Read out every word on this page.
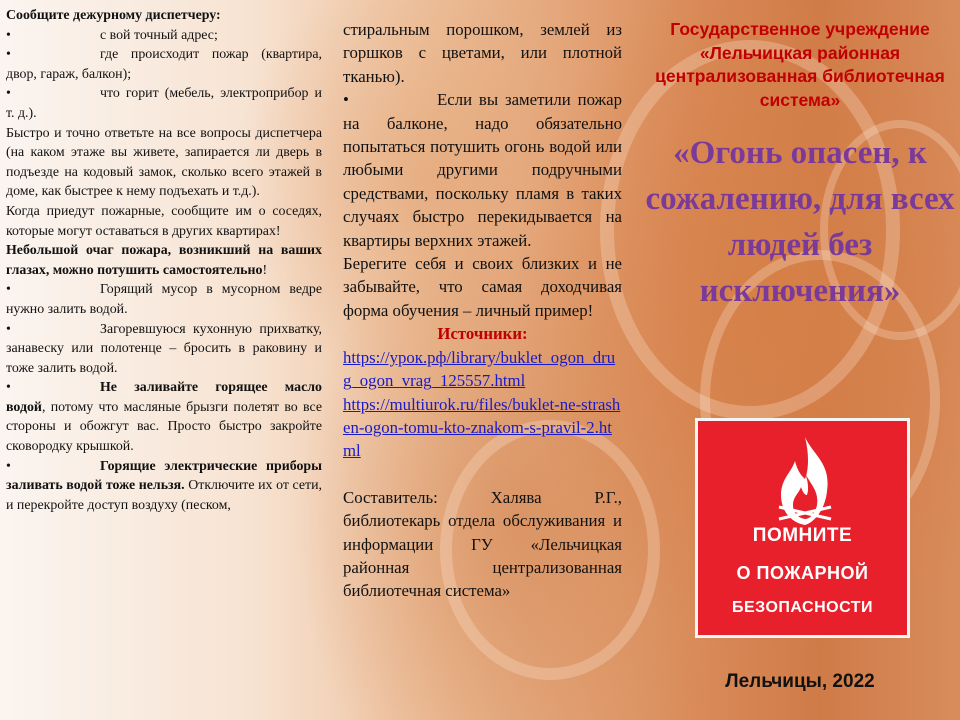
Сообщите дежурному диспетчеру:
•	с вой точный адрес;
•	где происходит пожар (квартира, двор, гараж, балкон);
•	что горит (мебель, электроприбор и т. д.).
Быстро и точно ответьте на все вопросы диспетчера (на каком этаже вы живете, запирается ли дверь в подъезде на кодовый замок, сколько всего этажей в доме, как быстрее к нему подъехать и т.д.).
Когда приедут пожарные, сообщите им о соседях, которые могут оставаться в других квартирах!
Небольшой очаг пожара, возникший на ваших глазах, можно потушить самостоятельно!
•	Горящий мусор в мусорном ведре нужно залить водой.
•	Загоревшуюся кухонную прихватку, занавеску или полотенце – бросить в раковину и тоже залить водой.
•	Не заливайте горящее масло водой, потому что масляные брызги полетят во все стороны и обожгут вас. Просто быстро закройте сковородку крышкой.
•	Горящие электрические приборы заливать водой тоже нельзя. Отключите их от сети, и перекройте доступ воздуху (песком,
стиральным порошком, землей из горшков с цветами, или плотной тканью).
•	Если вы заметили пожар на балконе, надо обязательно попытаться потушить огонь водой или любыми другими подручными средствами, поскольку пламя в таких случаях быстро перекидывается на квартиры верхних этажей.
Берегите себя и своих близких и не забывайте, что самая доходчивая форма обучения – личный пример!
Источники:
https://урок.рф/library/buklet_ogon_drug_ogon_vrag_125557.html
https://multiurok.ru/files/buklet-ne-strashen-ogon-tomu-kto-znakom-s-pravil-2.html
Составитель: Халява Р.Г., библиотекарь отдела обслуживания и информации ГУ «Лельчицкая районная централизованная библиотечная система»
Государственное учреждение «Лельчицкая районная централизованная библиотечная система»
«Огонь опасен, к сожалению, для всех людей без исключения»
ПОМНИТЕ
О ПОЖАРНОЙ
БЕЗОПАСНОСТИ
Лельчицы, 2022
